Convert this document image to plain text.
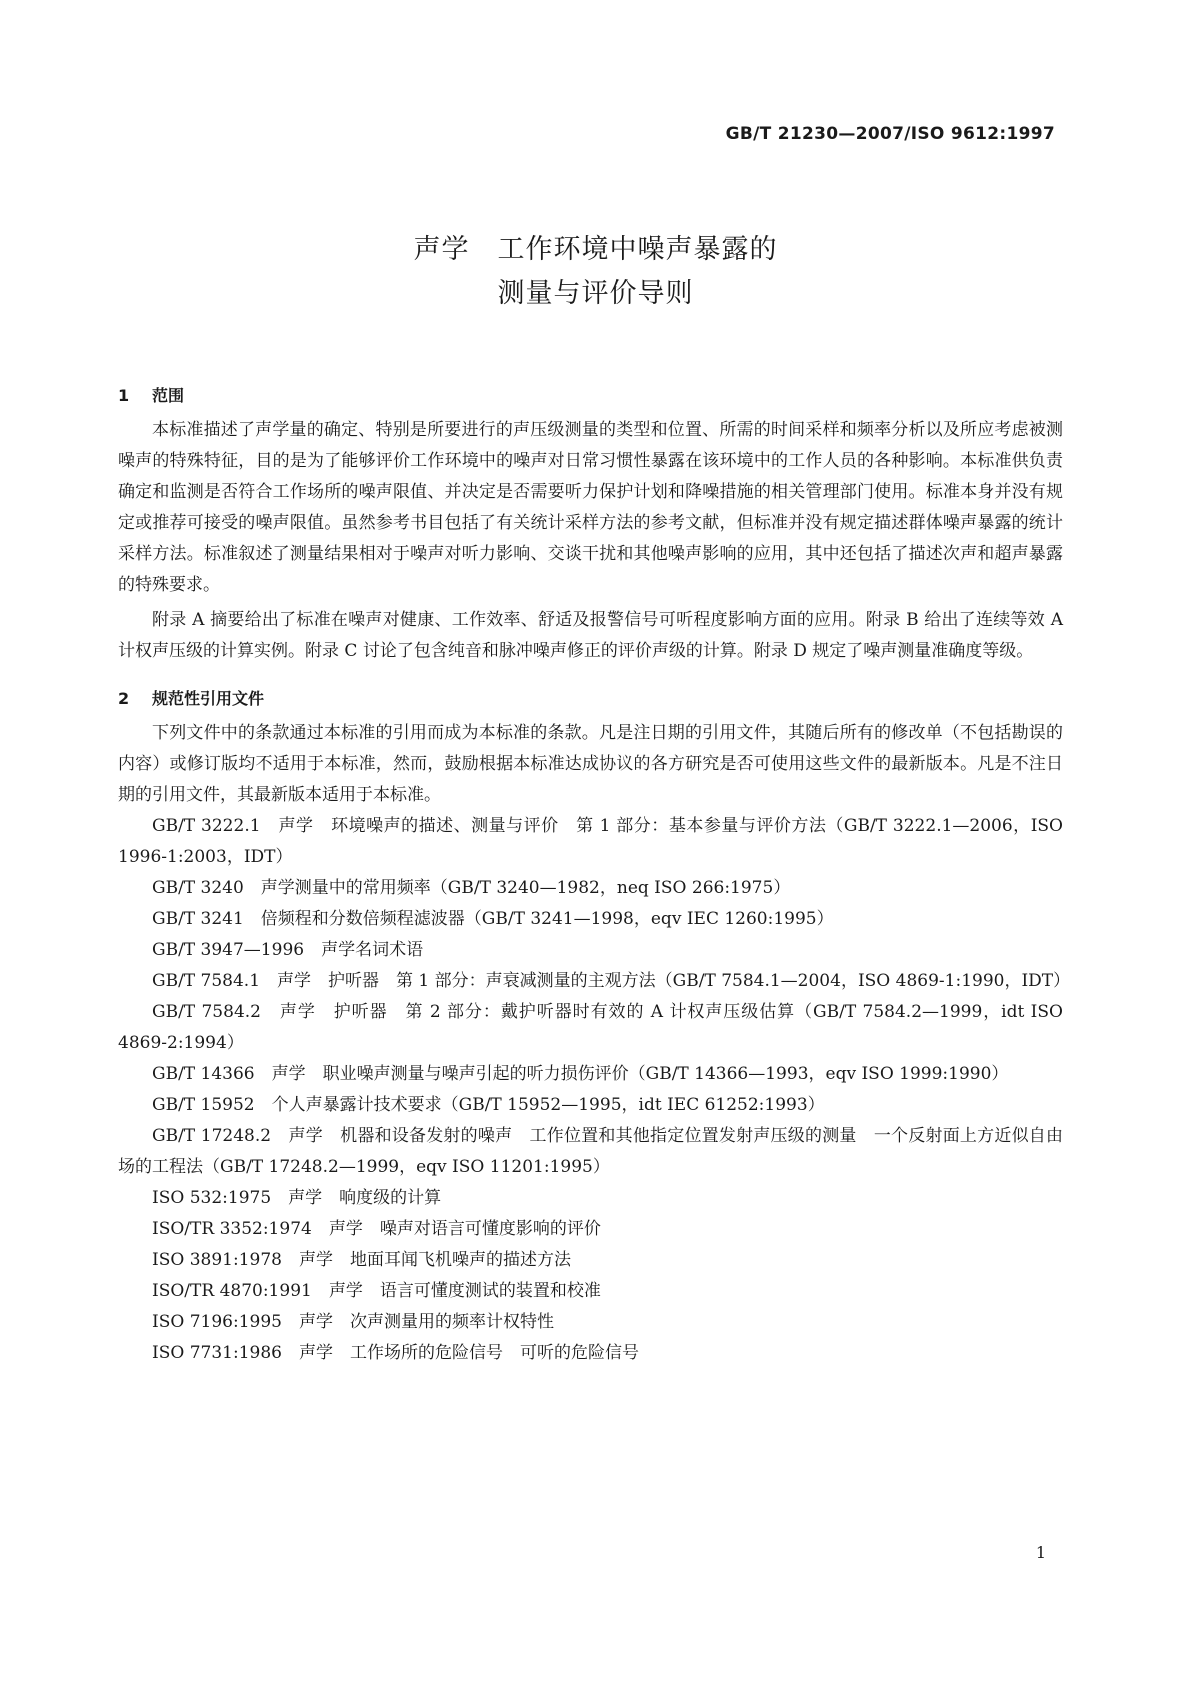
GB/T 21230—2007/ISO 9612:1997
声学　工作环境中噪声暴露的
测量与评价导则

1 范围

本标准描述了声学量的确定、特别是所要进行的声压级测量的类型和位置、所需的时间采样和频率分析以及所应考虑被测噪声的特殊特征，目的是为了能够评价工作环境中的噪声对日常习惯性暴露在该环境中的工作人员的各种影响。本标准供负责确定和监测是否符合工作场所的噪声限值、并决定是否需要听力保护计划和降噪措施的相关管理部门使用。标准本身并没有规定或推荐可接受的噪声限值。虽然参考书目包括了有关统计采样方法的参考文献，但标准并没有规定描述群体噪声暴露的统计采样方法。标准叙述了测量结果相对于噪声对听力影响、交谈干扰和其他噪声影响的应用，其中还包括了描述次声和超声暴露的特殊要求。

附录 A 摘要给出了标准在噪声对健康、工作效率、舒适及报警信号可听程度影响方面的应用。附录 B 给出了连续等效 A 计权声压级的计算实例。附录 C 讨论了包含纯音和脉冲噪声修正的评价声级的计算。附录 D 规定了噪声测量准确度等级。

2 规范性引用文件

下列文件中的条款通过本标准的引用而成为本标准的条款。凡是注日期的引用文件，其随后所有的修改单（不包括勘误的内容）或修订版均不适用于本标准，然而，鼓励根据本标准达成协议的各方研究是否可使用这些文件的最新版本。凡是不注日期的引用文件，其最新版本适用于本标准。

GB/T 3222.1　声学　环境噪声的描述、测量与评价　第 1 部分：基本参量与评价方法（GB/T 3222.1—2006，ISO 1996-1:2003，IDT）

GB/T 3240　声学测量中的常用频率（GB/T 3240—1982，neq ISO 266:1975）

GB/T 3241　倍频程和分数倍频程滤波器（GB/T 3241—1998，eqv IEC 1260:1995）

GB/T 3947—1996　声学名词术语

GB/T 7584.1　声学　护听器　第 1 部分：声衰减测量的主观方法（GB/T 7584.1—2004，ISO 4869-1:1990，IDT）

GB/T 7584.2　声学　护听器　第 2 部分：戴护听器时有效的 A 计权声压级估算（GB/T 7584.2—1999，idt ISO 4869-2:1994）

GB/T 14366　声学　职业噪声测量与噪声引起的听力损伤评价（GB/T 14366—1993，eqv ISO 1999:1990）

GB/T 15952　个人声暴露计技术要求（GB/T 15952—1995，idt IEC 61252:1993）

GB/T 17248.2　声学　机器和设备发射的噪声　工作位置和其他指定位置发射声压级的测量　一个反射面上方近似自由场的工程法（GB/T 17248.2—1999，eqv ISO 11201:1995）

ISO 532:1975　声学　响度级的计算

ISO/TR 3352:1974　声学　噪声对语言可懂度影响的评价

ISO 3891:1978　声学　地面耳闻飞机噪声的描述方法

ISO/TR 4870:1991　声学　语言可懂度测试的装置和校准

ISO 7196:1995　声学　次声测量用的频率计权特性

ISO 7731:1986　声学　工作场所的危险信号　可听的危险信号

1
